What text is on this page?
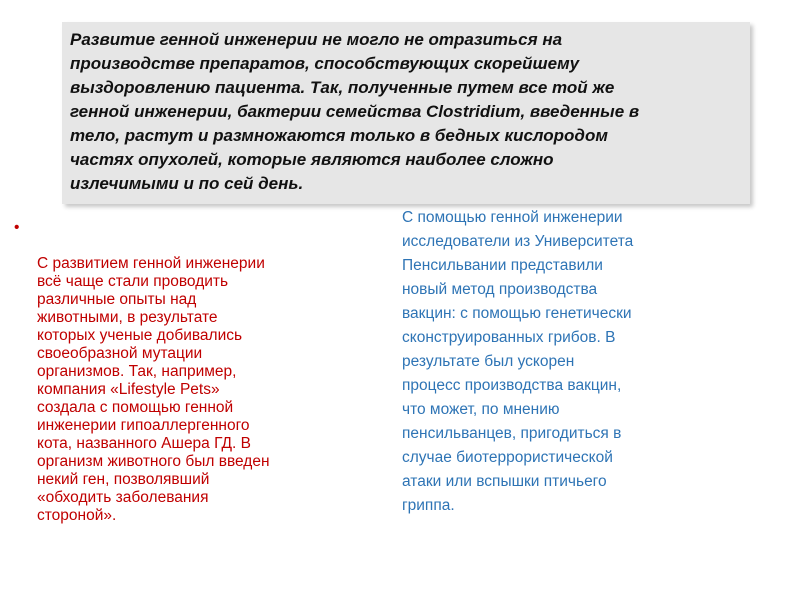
Развитие генной инженерии не могло не отразиться на
производстве препаратов, способствующих скорейшему
выздоровлению пациента. Так, полученные путем все той же
генной инженерии, бактерии семейства Clostridium, введенные в
тело, растут и размножаются только в бедных кислородом
частях опухолей, которые являются наиболее сложно
излечимыми и по сей день.

•

С развитием генной инженерии
всё чаще стали проводить
различные опыты над
животными, в результате
которых ученые добивались
своеобразной мутации
организмов. Так, например,
компания «Lifestyle Pets»
создала с помощью генной
инженерии гипоаллергенного
кота, названного Ашера ГД. В
организм животного был введен
некий ген, позволявший
«обходить заболевания
стороной».

С помощью генной инженерии
исследователи из Университета
Пенсильвании представили
новый метод производства
вакцин: с помощью генетически
сконструированных грибов. В
результате был ускорен
процесс производства вакцин,
что может, по мнению
пенсильванцев, пригодиться в
случае биотеррористической
атаки или вспышки птичьего
гриппа.
